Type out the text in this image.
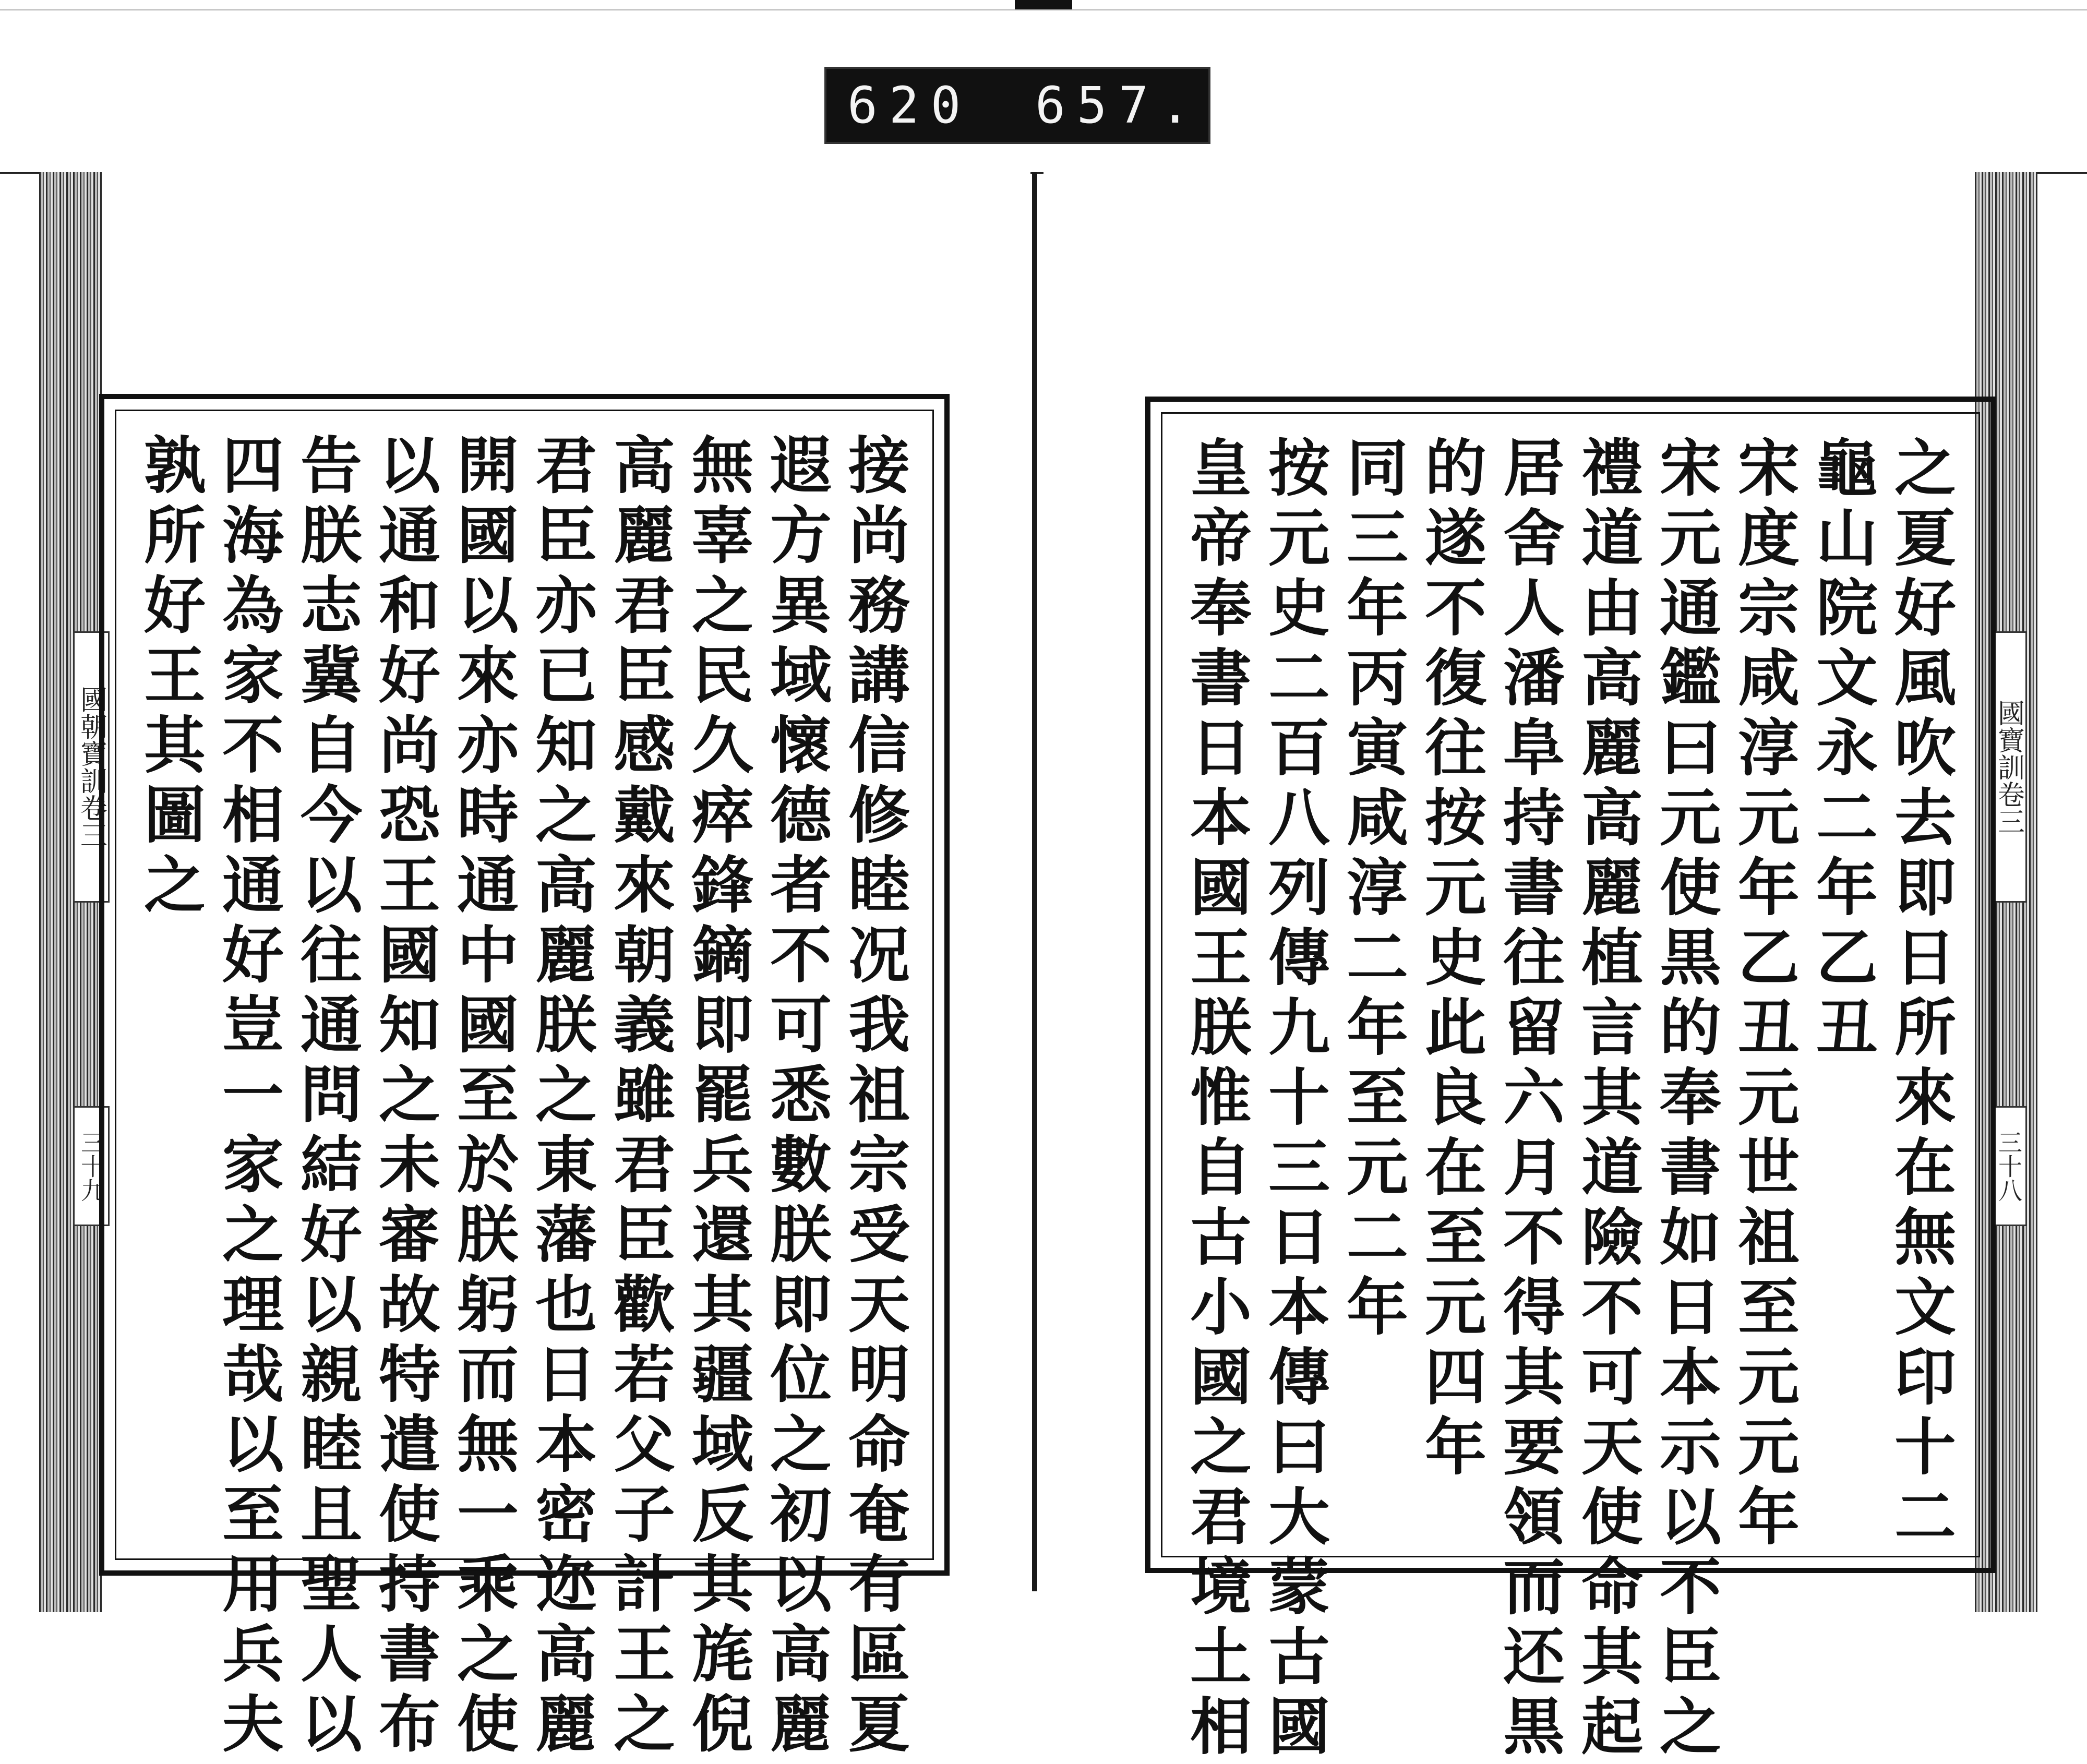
620 657.
國朝寶訓卷三
三十九
國寶訓卷三
三十八
接尚務講信修睦况我祖宗受天明命奄有區夏
遐方異域懷德者不可悉數朕即位之初以高麗
無辜之民久瘁鋒鏑即罷兵還其疆域反其旄倪
高麗君臣感戴來朝義雖君臣歡若父子計王之
君臣亦已知之高麗朕之東藩也日本密迩高麗
開國以來亦時通中國至於朕躬而無一乘之使
以通和好尚恐王國知之未審故特遣使持書布
告朕志冀自今以往通問結好以親睦且聖人以
四海為家不相通好豈一家之理哉以至用兵夫
孰所好王其圖之	之夏好風吹去即日所來在無文印十二
龜山院文永二年乙丑
宋度宗咸淳元年乙丑元世祖至元元年
宋元通鑑曰元使黒的奉書如日本示以不臣之
禮道由高麗高麗植言其道險不可天使命其起
居舍人潘阜持書往留六月不得其要領而还黒
的遂不復往按元史此良在至元四年
同三年丙寅咸淳二年至元二年
按元史二百八列傳九十三日本傳曰大蒙古國
皇帝奉書日本國王朕惟自古小國之君境土相
